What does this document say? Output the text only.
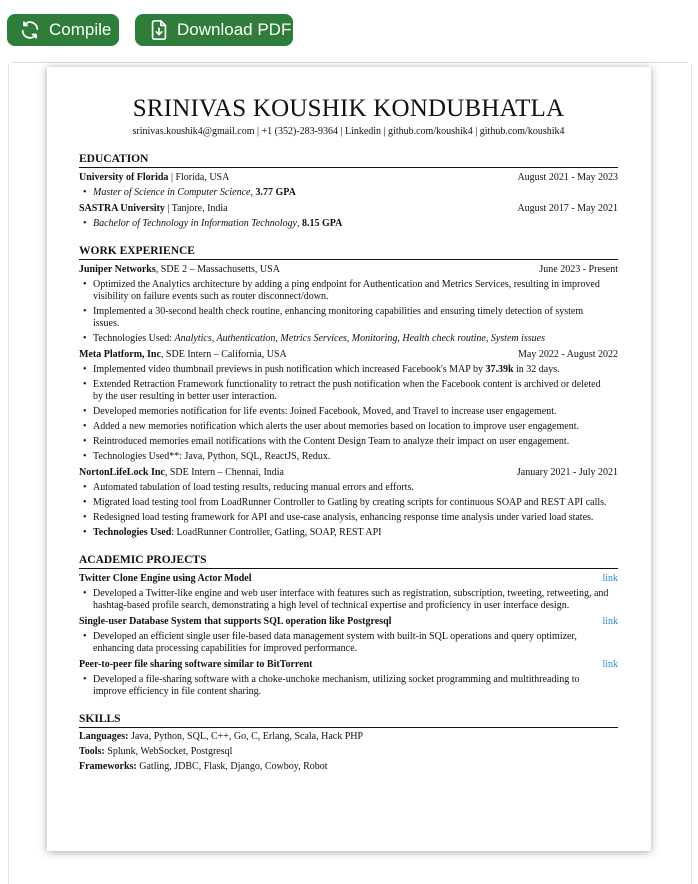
Compile	Download PDF
SRINIVAS KOUSHIK KONDUBHATLA
srinivas.koushik4@gmail.com | +1 (352)-283-9364 | Linkedin | github.com/koushik4 | github.com/koushik4
EDUCATION
University of Florida | Florida, USA	August 2021 - May 2023
• Master of Science in Computer Science, 3.77 GPA
SASTRA University | Tanjore, India	August 2017 - May 2021
• Bachelor of Technology in Information Technology, 8.15 GPA
WORK EXPERIENCE
Juniper Networks, SDE 2 – Massachusetts, USA	June 2023 - Present
• Optimized the Analytics architecture by adding a ping endpoint for Authentication and Metrics Services, resulting in improved visibility on failure events such as router disconnect/down.
• Implemented a 30-second health check routine, enhancing monitoring capabilities and ensuring timely detection of system issues.
• Technologies Used: Analytics, Authentication, Metrics Services, Monitoring, Health check routine, System issues
Meta Platform, Inc, SDE Intern – California, USA	May 2022 - August 2022
• Implemented video thumbnail previews in push notification which increased Facebook's MAP by 37.39k in 32 days.
• Extended Retraction Framework functionality to retract the push notification when the Facebook content is archived or deleted by the user resulting in better user interaction.
• Developed memories notification for life events: Joined Facebook, Moved, and Travel to increase user engagement.
• Added a new memories notification which alerts the user about memories based on location to improve user engagement.
• Reintroduced memories email notifications with the Content Design Team to analyze their impact on user engagement.
• Technologies Used**: Java, Python, SQL, ReactJS, Redux.
NortonLifeLock Inc, SDE Intern – Chennai, India	January 2021 - July 2021
• Automated tabulation of load testing results, reducing manual errors and efforts.
• Migrated load testing tool from LoadRunner Controller to Gatling by creating scripts for continuous SOAP and REST API calls.
• Redesigned load testing framework for API and use-case analysis, enhancing response time analysis under varied load states.
• Technologies Used: LoadRunner Controller, Gatling, SOAP, REST API
ACADEMIC PROJECTS
Twitter Clone Engine using Actor Model	link
• Developed a Twitter-like engine and web user interface with features such as registration, subscription, tweeting, retweeting, and hashtag-based profile search, demonstrating a high level of technical expertise and proficiency in user interface design.
Single-user Database System that supports SQL operation like Postgresql	link
• Developed an efficient single user file-based data management system with built-in SQL operations and query optimizer, enhancing data processing capabilities for improved performance.
Peer-to-peer file sharing software similar to BitTorrent	link
• Developed a file-sharing software with a choke-unchoke mechanism, utilizing socket programming and multithreading to improve efficiency in file content sharing.
SKILLS
Languages: Java, Python, SQL, C++, Go, C, Erlang, Scala, Hack PHP
Tools: Splunk, WebSocket, Postgresql
Frameworks: Gatling, JDBC, Flask, Django, Cowboy, Robot
